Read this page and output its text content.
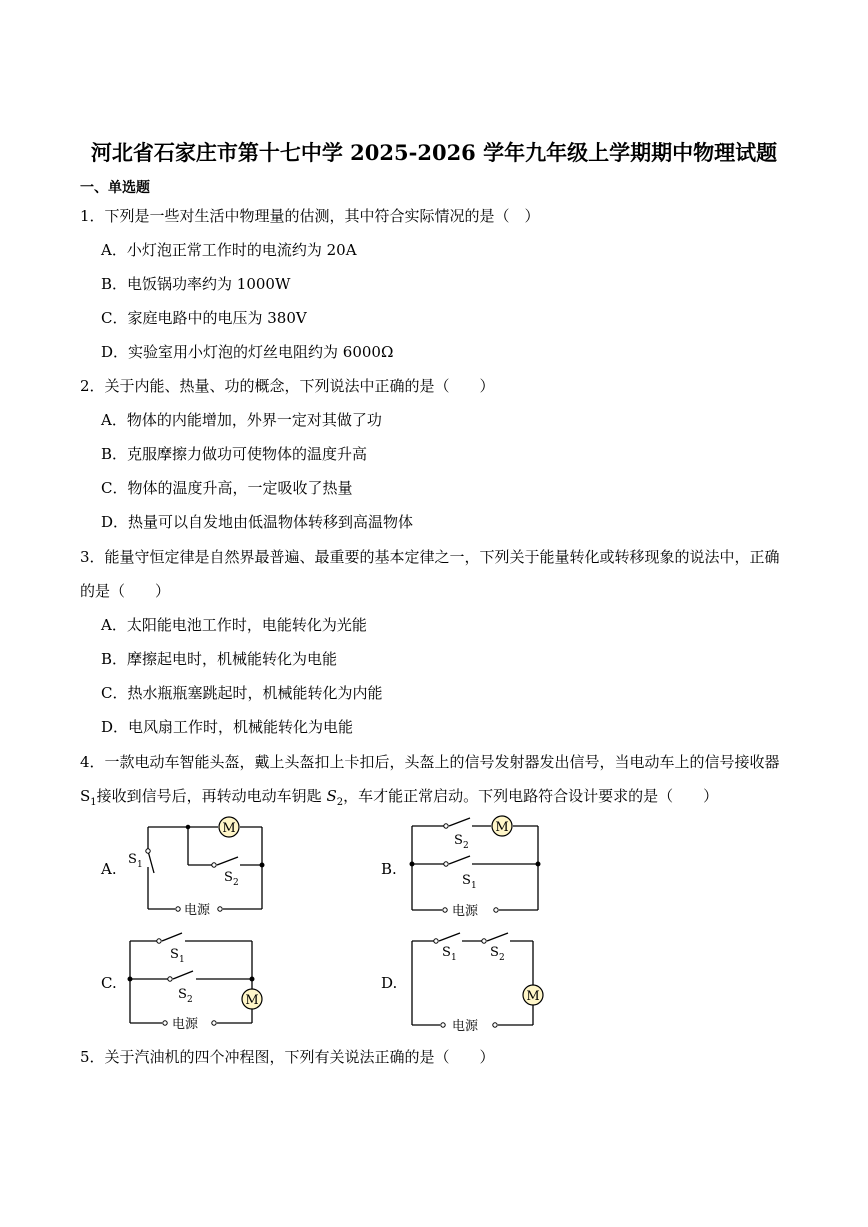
河北省石家庄市第十七中学 2025-2026 学年九年级上学期期中物理试题
一、单选题
1．下列是一些对生活中物理量的估测，其中符合实际情况的是（　）
A．小灯泡正常工作时的电流约为 20A
B．电饭锅功率约为 1000W
C．家庭电路中的电压为 380V
D．实验室用小灯泡的灯丝电阻约为 6000Ω
2．关于内能、热量、功的概念，下列说法中正确的是（　　）
A．物体的内能增加，外界一定对其做了功
B．克服摩擦力做功可使物体的温度升高
C．物体的温度升高，一定吸收了热量
D．热量可以自发地由低温物体转移到高温物体
3．能量守恒定律是自然界最普遍、最重要的基本定律之一，下列关于能量转化或转移现象的说法中，正确
的是（　　）
A．太阳能电池工作时，电能转化为光能
B．摩擦起电时，机械能转化为电能
C．热水瓶瓶塞跳起时，机械能转化为内能
D．电风扇工作时，机械能转化为电能
4．一款电动车智能头盔，戴上头盔扣上卡扣后，头盔上的信号发射器发出信号，当电动车上的信号接收器
$S_1$接收到信号后，再转动电动车钥匙 $S_2$，车才能正常启动。下列电路符合设计要求的是（　　）
A.
M
S 1
S 2
电源
B.
M
S 2
S 1
电源
C.
M
S 1
S 2
电源
D.
M
S 1	S 2
电源
5．关于汽油机的四个冲程图，下列有关说法正确的是（　　）
